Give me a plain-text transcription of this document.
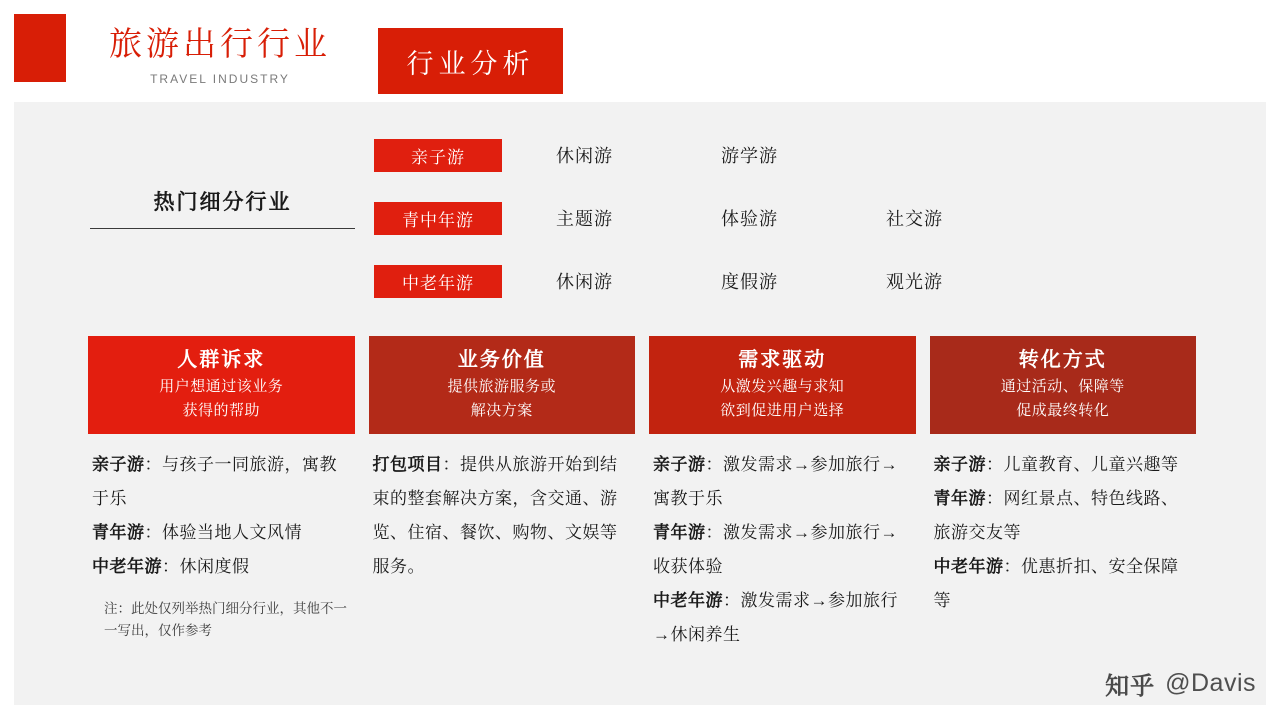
旅游出行行业
TRAVEL INDUSTRY
行业分析
热门细分行业
亲子游	休闲游	游学游
青中年游	主题游	体验游	社交游
中老年游	休闲游	度假游	观光游
人群诉求
用户想通过该业务
获得的帮助
亲子游：与孩子一同旅游，寓教于乐
青年游：体验当地人文风情
中老年游：休闲度假
注：此处仅列举热门细分行业，其他不一一写出，仅作参考
业务价值
提供旅游服务或
解决方案
打包项目：提供从旅游开始到结束的整套解决方案，含交通、游览、住宿、餐饮、购物、文娱等服务。
需求驱动
从激发兴趣与求知
欲到促进用户选择
亲子游：激发需求→参加旅行→寓教于乐
青年游：激发需求→参加旅行→收获体验
中老年游：激发需求→参加旅行→休闲养生
转化方式
通过活动、保障等
促成最终转化
亲子游：儿童教育、儿童兴趣等
青年游：网红景点、特色线路、旅游交友等
中老年游：优惠折扣、安全保障等
知乎 @Davis
